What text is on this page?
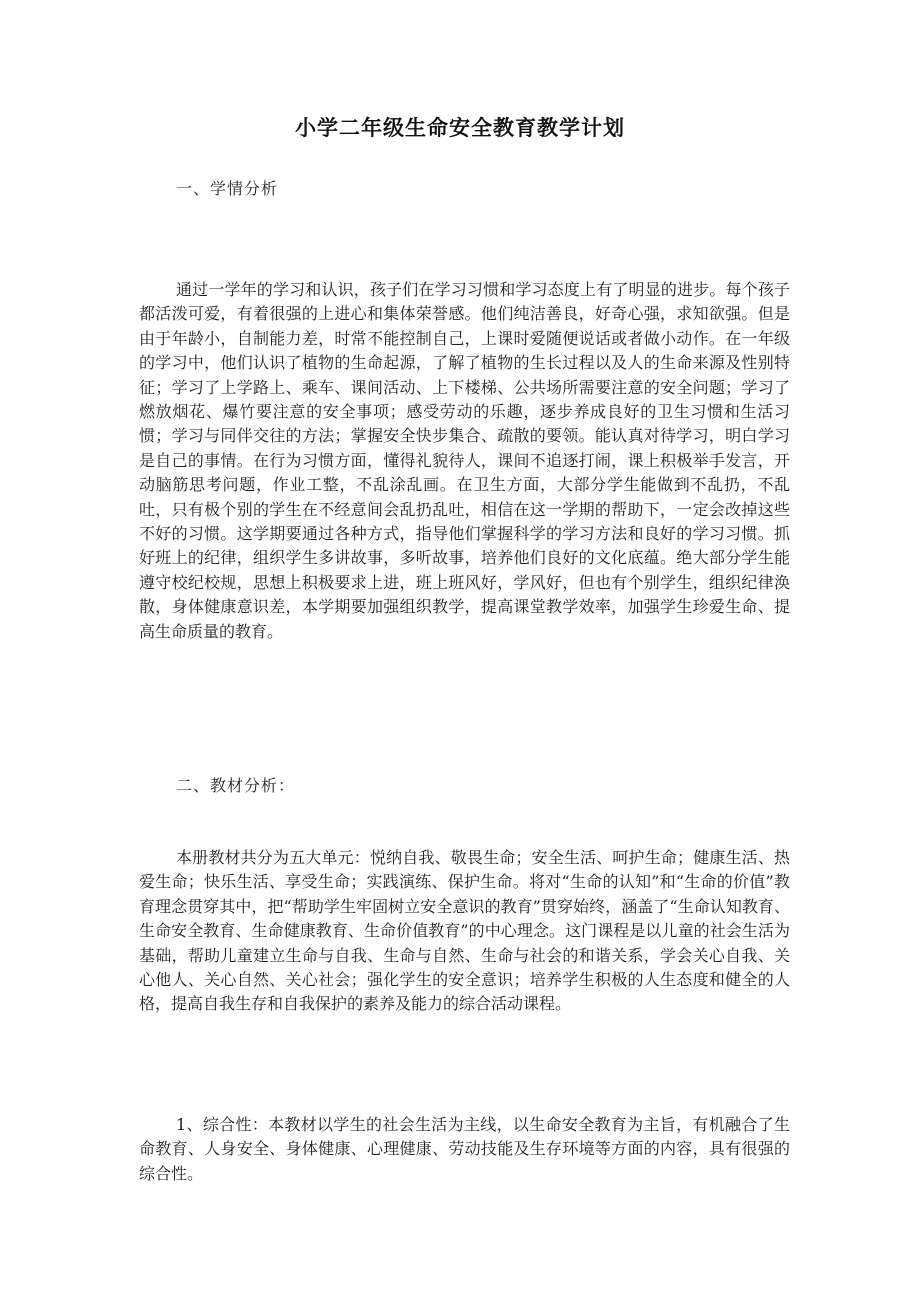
小学二年级生命安全教育教学计划
一、学情分析

通过一学年的学习和认识，孩子们在学习习惯和学习态度上有了明显的进步。每个孩子都活泼可爱，有着很强的上进心和集体荣誉感。他们纯洁善良，好奇心强，求知欲强。但是由于年龄小，自制能力差，时常不能控制自己，上课时爱随便说话或者做小动作。在一年级的学习中，他们认识了植物的生命起源，了解了植物的生长过程以及人的生命来源及性别特征；学习了上学路上、乘车、课间活动、上下楼梯、公共场所需要注意的安全问题；学习了燃放烟花、爆竹要注意的安全事项；感受劳动的乐趣，逐步养成良好的卫生习惯和生活习惯；学习与同伴交往的方法；掌握安全快步集合、疏散的要领。能认真对待学习，明白学习是自己的事情。在行为习惯方面，懂得礼貌待人，课间不追逐打闹，课上积极举手发言，开动脑筋思考问题，作业工整，不乱涂乱画。在卫生方面，大部分学生能做到不乱扔，不乱吐，只有极个别的学生在不经意间会乱扔乱吐，相信在这一学期的帮助下，一定会改掉这些不好的习惯。这学期要通过各种方式，指导他们掌握科学的学习方法和良好的学习习惯。抓好班上的纪律，组织学生多讲故事，多听故事，培养他们良好的文化底蕴。绝大部分学生能遵守校纪校规，思想上积极要求上进，班上班风好，学风好，但也有个别学生，组织纪律涣散，身体健康意识差，本学期要加强组织教学，提高课堂教学效率，加强学生珍爱生命、提高生命质量的教育。

二、教材分析：

本册教材共分为五大单元：悦纳自我、敬畏生命；安全生活、呵护生命；健康生活、热爱生命；快乐生活、享受生命；实践演练、保护生命。将对“生命的认知”和“生命的价值”教育理念贯穿其中，把“帮助学生牢固树立安全意识的教育”贯穿始终，涵盖了“生命认知教育、生命安全教育、生命健康教育、生命价值教育”的中心理念。这门课程是以儿童的社会生活为基础，帮助儿童建立生命与自我、生命与自然、生命与社会的和谐关系，学会关心自我、关心他人、关心自然、关心社会；强化学生的安全意识；培养学生积极的人生态度和健全的人格，提高自我生存和自我保护的素养及能力的综合活动课程。

1、综合性：本教材以学生的社会生活为主线，以生命安全教育为主旨，有机融合了生命教育、人身安全、身体健康、心理健康、劳动技能及生存环境等方面的内容，具有很强的综合性。
